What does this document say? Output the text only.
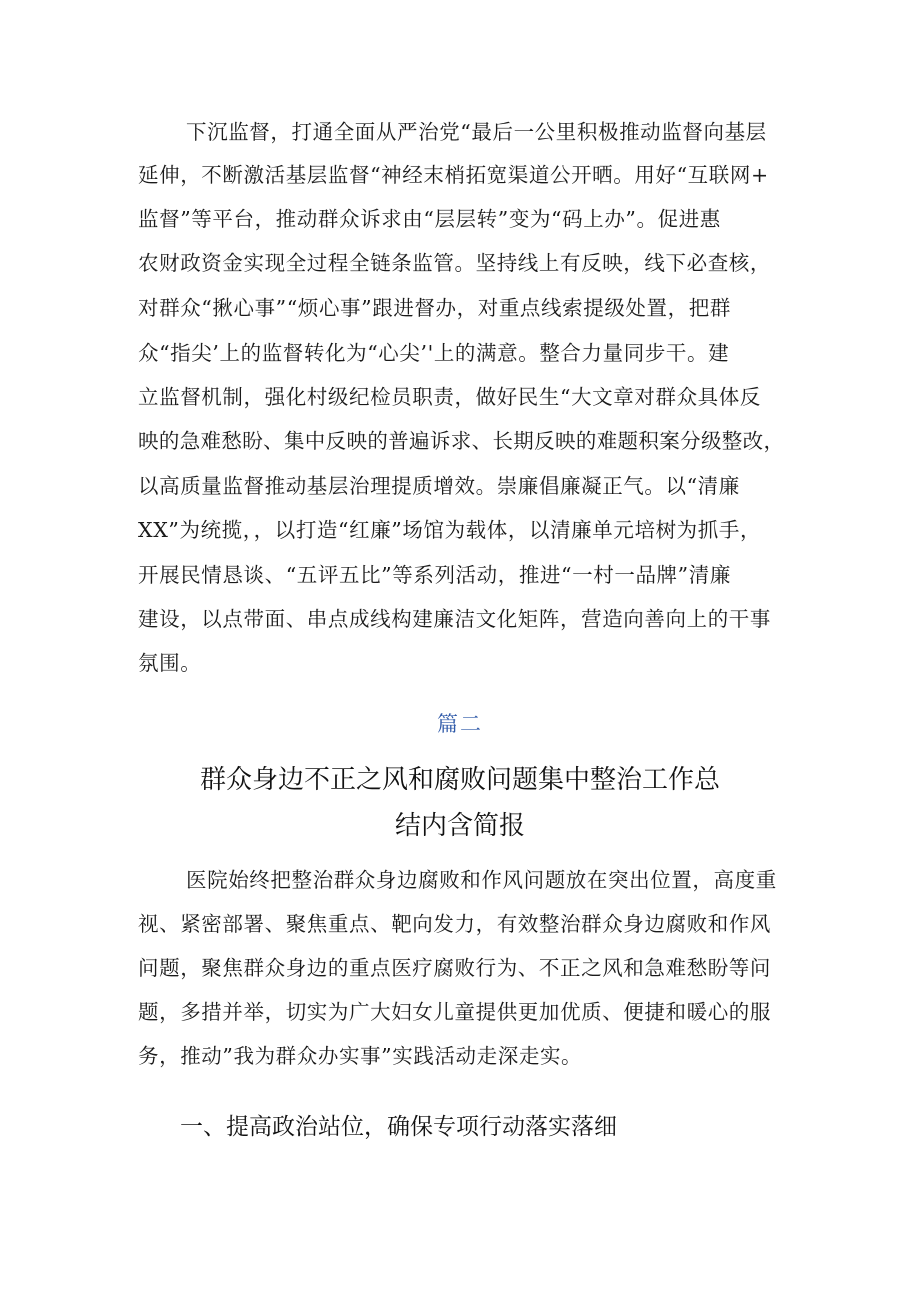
下沉监督，打通全面从严治党“最后一公里积极推动监督向基层
延伸，不断激活基层监督“神经末梢拓宽渠道公开晒。用好“互联网+
监督”等平台，推动群众诉求由“层层转”变为“码上办”。促进惠
农财政资金实现全过程全链条监管。坚持线上有反映，线下必查核，
对群众“揪心事”“烦心事”跟进督办，对重点线索提级处置，把群
众“指尖’上的监督转化为“心尖’'上的满意。整合力量同步干。建
立监督机制，强化村级纪检员职责，做好民生“大文章对群众具体反
映的急难愁盼、集中反映的普遍诉求、长期反映的难题积案分级整改，
以高质量监督推动基层治理提质增效。崇廉倡廉凝正气。以“清廉
XX”为统揽，，以打造“红廉”场馆为载体，以清廉单元培树为抓手，
开展民情恳谈、“五评五比”等系列活动，推进“一村一品牌”清廉
建设，以点带面、串点成线构建廉洁文化矩阵，营造向善向上的干事
氛围。
篇二
群众身边不正之风和腐败问题集中整治工作总
结内含简报
医院始终把整治群众身边腐败和作风问题放在突出位置，高度重
视、紧密部署、聚焦重点、靶向发力，有效整治群众身边腐败和作风
问题，聚焦群众身边的重点医疗腐败行为、不正之风和急难愁盼等问
题，多措并举，切实为广大妇女儿童提供更加优质、便捷和暖心的服
务，推动”我为群众办实事”实践活动走深走实。
一、提高政治站位，确保专项行动落实落细
